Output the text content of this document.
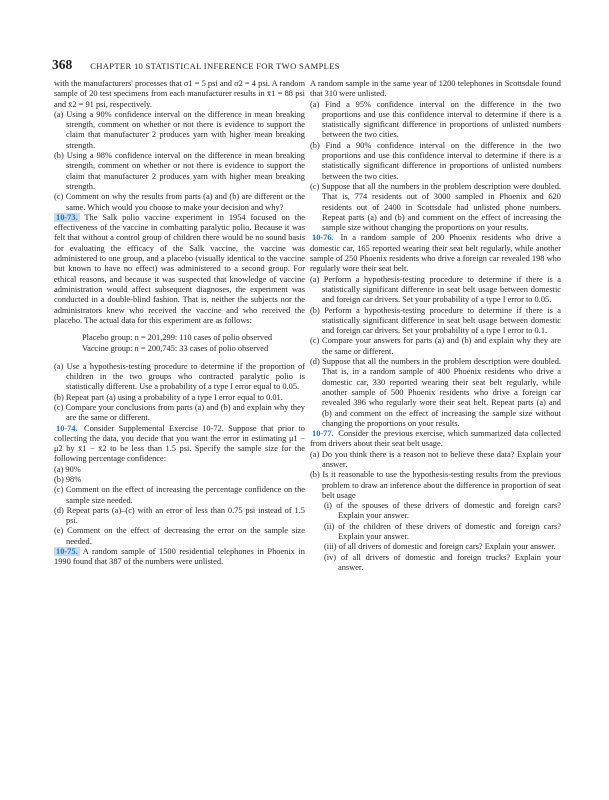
368 CHAPTER 10 STATISTICAL INFERENCE FOR TWO SAMPLES

with the manufacturers' processes that σ1 = 5 psi and σ2 = 4 psi. A random sample of 20 test specimens from each manufacturer results in x̄1 = 88 psi and x̄2 = 91 psi, respectively.

(a) Using a 90% confidence interval on the difference in mean breaking strength, comment on whether or not there is evidence to support the claim that manufacturer 2 produces yarn with higher mean breaking strength.

(b) Using a 98% confidence interval on the difference in mean breaking strength, comment on whether or not there is evidence to support the claim that manufacturer 2 produces yarn with higher mean breaking strength.

(c) Comment on why the results from parts (a) and (b) are different or the same. Which would you choose to make your decision and why?

10-73. The Salk polio vaccine experiment in 1954 focused on the effectiveness of the vaccine in combatting paralytic polio. Because it was felt that without a control group of children there would be no sound basis for evaluating the efficacy of the Salk vaccine, the vaccine was administered to one group, and a placebo (visually identical to the vaccine but known to have no effect) was administered to a second group. For ethical reasons, and because it was suspected that knowledge of vaccine administration would affect subsequent diagnoses, the experiment was conducted in a double-blind fashion. That is, neither the subjects nor the administrators knew who received the vaccine and who received the placebo. The actual data for this experiment are as follows:

Placebo group: n = 201,299: 110 cases of polio observed

Vaccine group: n = 200,745: 33 cases of polio observed

(a) Use a hypothesis-testing procedure to determine if the proportion of children in the two groups who contracted paralytic polio is statistically different. Use a probability of a type I error equal to 0.05.

(b) Repeat part (a) using a probability of a type I error equal to 0.01.

(c) Compare your conclusions from parts (a) and (b) and explain why they are the same or different.

10-74. Consider Supplemental Exercise 10-72. Suppose that prior to collecting the data, you decide that you want the error in estimating μ1 − μ2 by x̄1 − x̄2 to be less than 1.5 psi. Specify the sample size for the following percentage confidence:

(a) 90%

(b) 98%

(c) Comment on the effect of increasing the percentage confidence on the sample size needed.

(d) Repeat parts (a)–(c) with an error of less than 0.75 psi instead of 1.5 psi.

(e) Comment on the effect of decreasing the error on the sample size needed.

10-75. A random sample of 1500 residential telephones in Phoenix in 1990 found that 387 of the numbers were unlisted.

A random sample in the same year of 1200 telephones in Scottsdale found that 310 were unlisted.

(a) Find a 95% confidence interval on the difference in the two proportions and use this confidence interval to determine if there is a statistically significant difference in proportions of unlisted numbers between the two cities.

(b) Find a 90% confidence interval on the difference in the two proportions and use this confidence interval to determine if there is a statistically significant difference in proportions of unlisted numbers between the two cities.

(c) Suppose that all the numbers in the problem description were doubled. That is, 774 residents out of 3000 sampled in Phoenix and 620 residents out of 2400 in Scottsdale had unlisted phone numbers. Repeat parts (a) and (b) and comment on the effect of increasing the sample size without changing the proportions on your results.

10-76. In a random sample of 200 Phoenix residents who drive a domestic car, 165 reported wearing their seat belt regularly, while another sample of 250 Phoenix residents who drive a foreign car revealed 198 who regularly wore their seat belt.

(a) Perform a hypothesis-testing procedure to determine if there is a statistically significant difference in seat belt usage between domestic and foreign car drivers. Set your probability of a type I error to 0.05.

(b) Perform a hypothesis-testing procedure to determine if there is a statistically significant difference in seat belt usage between domestic and foreign car drivers. Set your probability of a type I error to 0.1.

(c) Compare your answers for parts (a) and (b) and explain why they are the same or different.

(d) Suppose that all the numbers in the problem description were doubled. That is, in a random sample of 400 Phoenix residents who drive a domestic car, 330 reported wearing their seat belt regularly, while another sample of 500 Phoenix residents who drive a foreign car revealed 396 who regularly wore their seat belt. Repeat parts (a) and (b) and comment on the effect of increasing the sample size without changing the proportions on your results.

10-77. Consider the previous exercise, which summarized data collected from drivers about their seat belt usage.

(a) Do you think there is a reason not to believe these data? Explain your answer.

(b) Is it reasonable to use the hypothesis-testing results from the previous problem to draw an inference about the difference in proportion of seat belt usage

(i) of the spouses of these drivers of domestic and foreign cars? Explain your answer.

(ii) of the children of these drivers of domestic and foreign cars? Explain your answer.

(iii) of all drivers of domestic and foreign cars? Explain your answer.

(iv) of all drivers of domestic and foreign trucks? Explain your answer.
